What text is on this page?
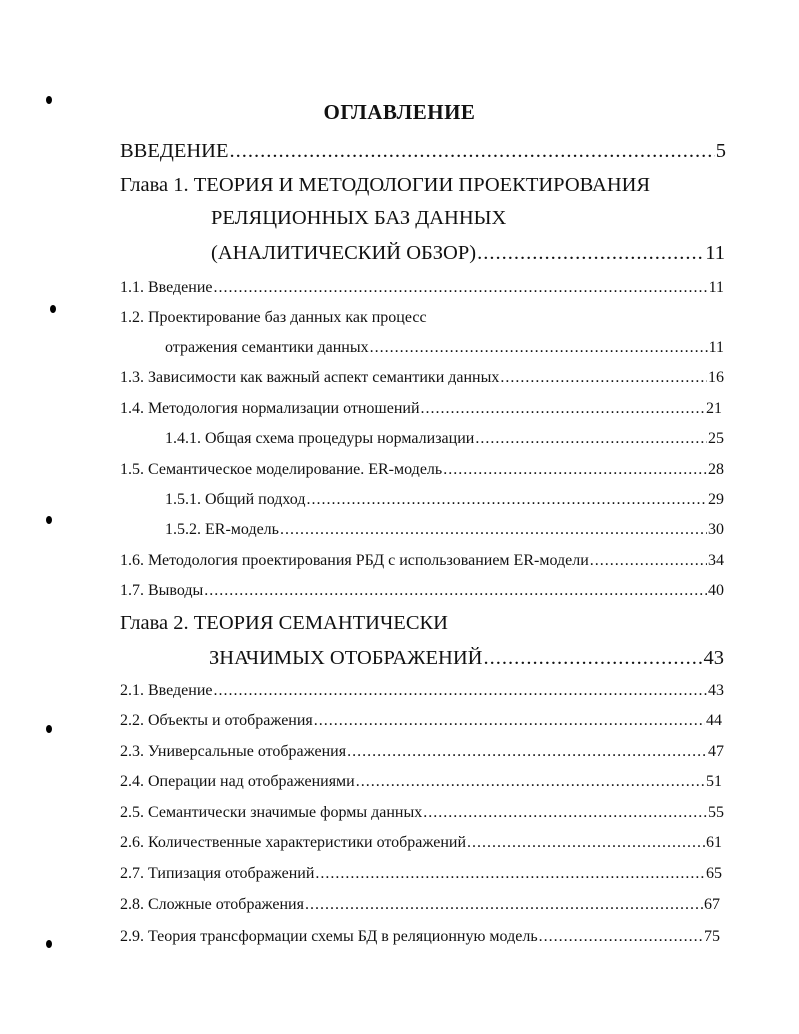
ОГЛАВЛЕНИЕ
ВВЕДЕНИЕ .....	5
Глава 1. ТЕОРИЯ И МЕТОДОЛОГИИ ПРОЕКТИРОВАНИЯ
РЕЛЯЦИОННЫХ БАЗ ДАННЫХ
(АНАЛИТИЧЕСКИЙ ОБЗОР) .....	11
1.1. Введение .....	11
1.2. Проектирование баз данных как процесс
отражения семантики данных .....	11
1.3. Зависимости как важный аспект семантики данных .....	16
1.4. Методология нормализации отношений .....	21
1.4.1. Общая схема процедуры нормализации .....	25
1.5. Семантическое моделирование. ER-модель .....	28
1.5.1. Общий подход .....	29
1.5.2. ER-модель .....	30
1.6. Методология проектирования РБД с использованием ER-модели .....	34
1.7. Выводы .....	40
Глава 2. ТЕОРИЯ СЕМАНТИЧЕСКИ
ЗНАЧИМЫХ ОТОБРАЖЕНИЙ .....	43
2.1. Введение .....	43
2.2. Объекты и отображения .....	44
2.3. Универсальные отображения .....	47
2.4. Операции над отображениями .....	51
2.5. Семантически значимые формы данных .....	55
2.6. Количественные характеристики отображений .....	61
2.7. Типизация отображений .....	65
2.8. Сложные отображения .....	67
2.9. Теория трансформации схемы БД в реляционную модель .....	75
